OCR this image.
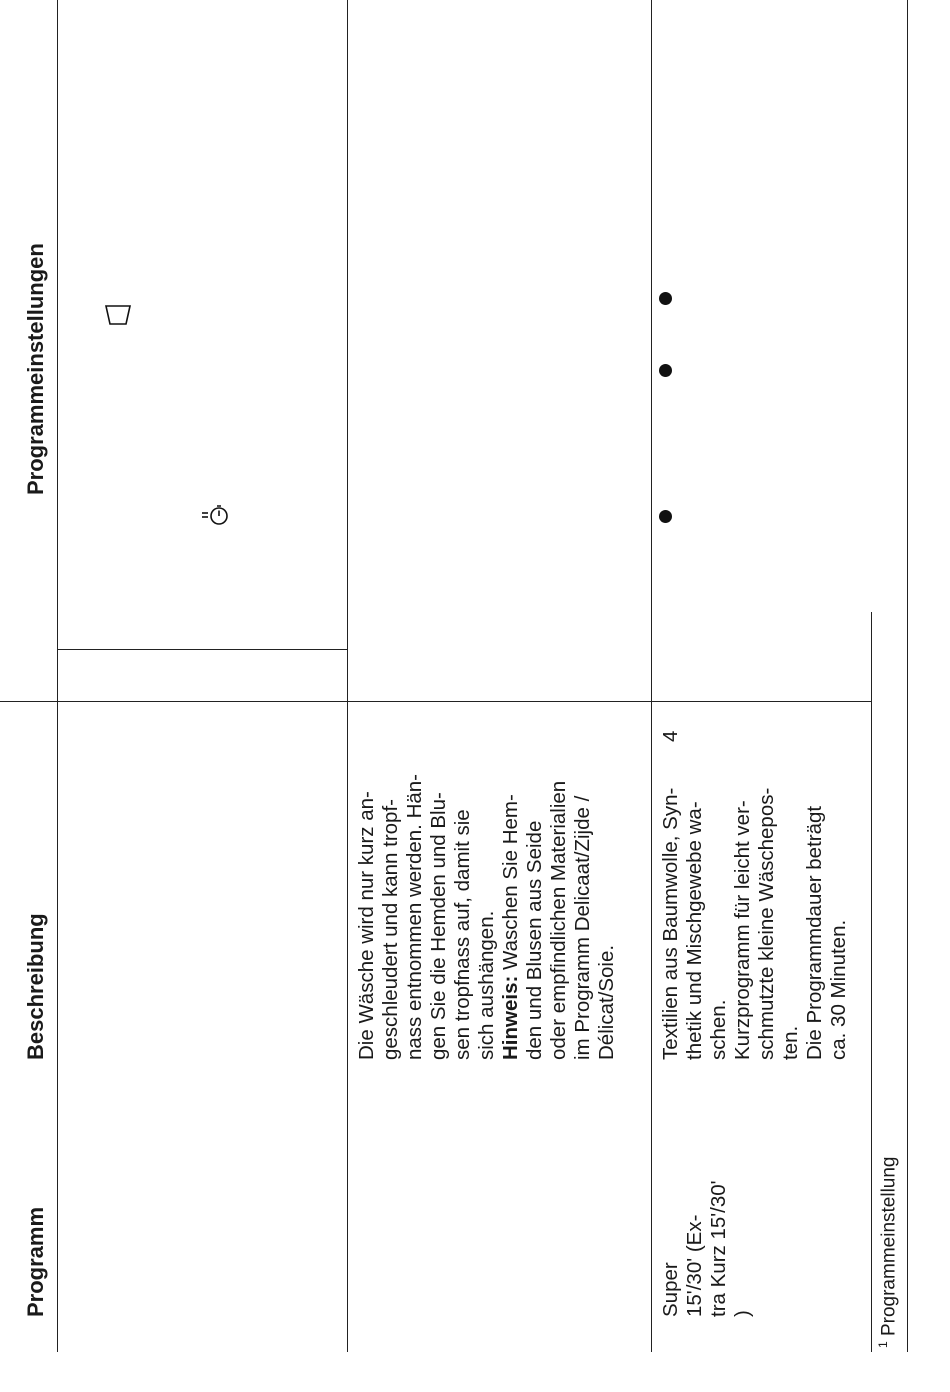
Programm
Beschreibung
Programmeinstellungen
Die Wäsche wird nur kurz an- geschleudert und kann tropf- nass entnommen werden. Hän- gen Sie die Hemden und Blu- sen tropfnass auf, damit sie sich aushängen. Hinweis: Waschen Sie Hem- den und Blusen aus Seide oder empfindlichen Materialien im Programm Delicaat/Zijde / Délicat/Soie.
Super 15'/30' (Ex- tra Kurz 15'/30' )
Textilien aus Baumwolle, Syn- thetik und Mischgewebe wa- schen. Kurzprogramm für leicht ver- schmutzte kleine Wäschepos- ten. Die Programmdauer beträgt ca. 30 Minuten.
4
$^1$ Programmeinstellung
